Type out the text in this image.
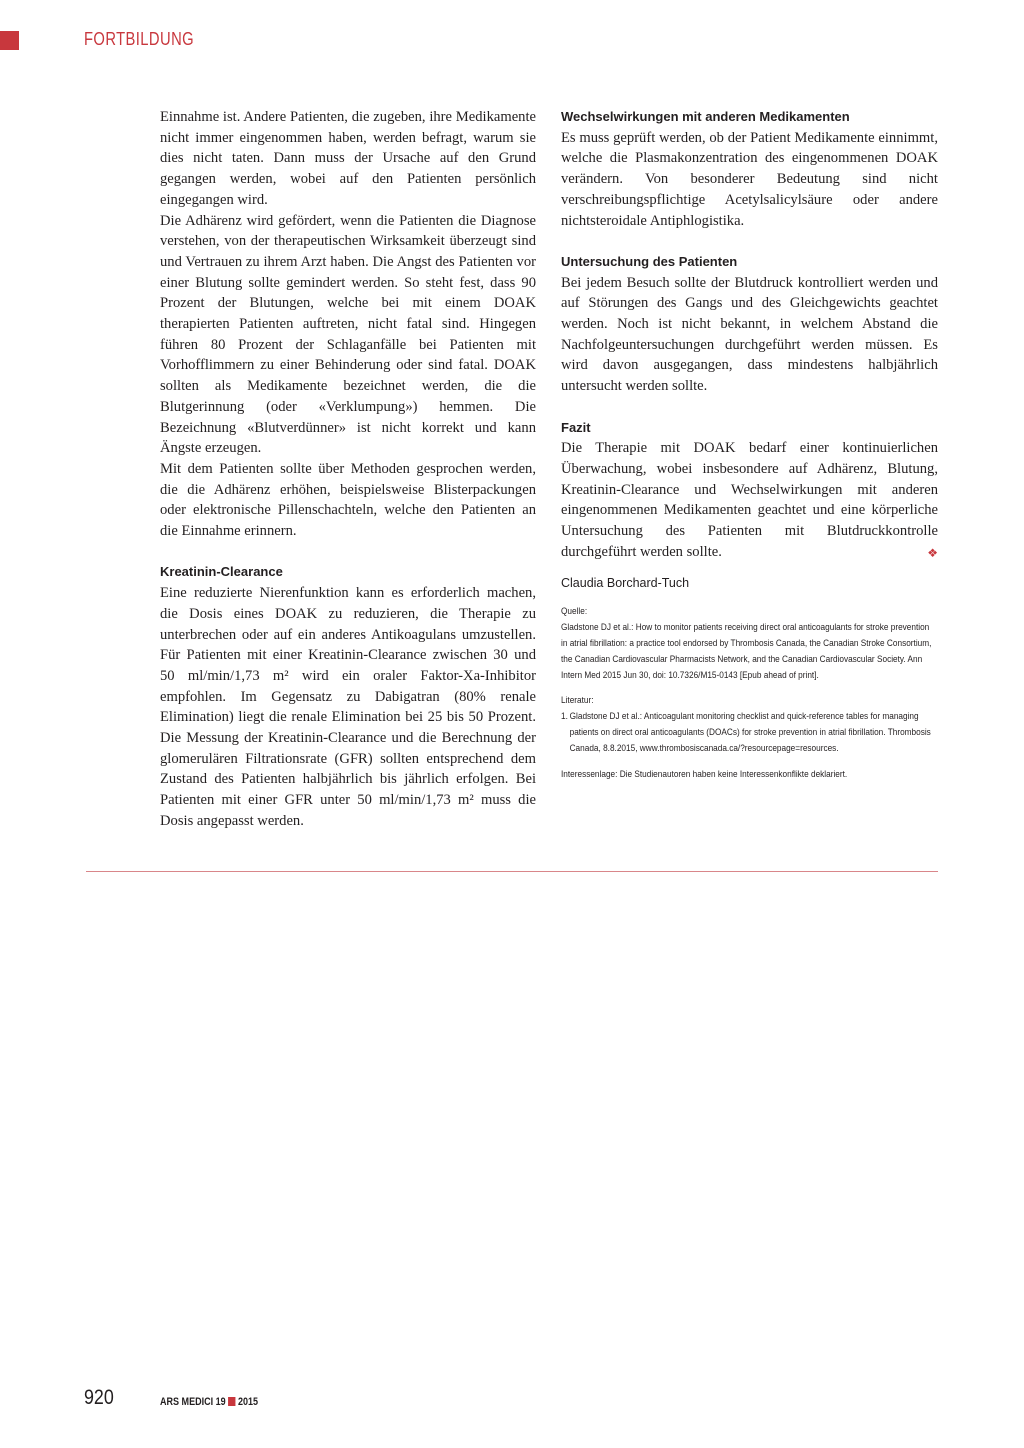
FORTBILDUNG

Einnahme ist. Andere Patienten, die zugeben, ihre Medikamente nicht immer eingenommen haben, werden befragt, warum sie dies nicht taten. Dann muss der Ursache auf den Grund gegangen werden, wobei auf den Patienten persönlich eingegangen wird.

Die Adhärenz wird gefördert, wenn die Patienten die Diagnose verstehen, von der therapeutischen Wirksamkeit überzeugt sind und Vertrauen zu ihrem Arzt haben. Die Angst des Patienten vor einer Blutung sollte gemindert werden. So steht fest, dass 90 Prozent der Blutungen, welche bei mit einem DOAK therapierten Patienten auftreten, nicht fatal sind. Hingegen führen 80 Prozent der Schlaganfälle bei Patienten mit Vorhofflimmern zu einer Behinderung oder sind fatal. DOAK sollten als Medikamente bezeichnet werden, die die Blutgerinnung (oder «Verklumpung») hemmen. Die Bezeichnung «Blutverdünner» ist nicht korrekt und kann Ängste erzeugen.

Mit dem Patienten sollte über Methoden gesprochen werden, die die Adhärenz erhöhen, beispielsweise Blisterpackungen oder elektronische Pillenschachteln, welche den Patienten an die Einnahme erinnern.

Kreatinin-Clearance

Eine reduzierte Nierenfunktion kann es erforderlich machen, die Dosis eines DOAK zu reduzieren, die Therapie zu unterbrechen oder auf ein anderes Antikoagulans umzustellen. Für Patienten mit einer Kreatinin-Clearance zwischen 30 und 50 ml/min/1,73 m² wird ein oraler Faktor-Xa-Inhibitor empfohlen. Im Gegensatz zu Dabigatran (80% renale Elimination) liegt die renale Elimination bei 25 bis 50 Prozent. Die Messung der Kreatinin-Clearance und die Berechnung der glomerulären Filtrationsrate (GFR) sollten entsprechend dem Zustand des Patienten halbjährlich bis jährlich erfolgen. Bei Patienten mit einer GFR unter 50 ml/min/1,73 m² muss die Dosis angepasst werden.

Wechselwirkungen mit anderen Medikamenten

Es muss geprüft werden, ob der Patient Medikamente einnimmt, welche die Plasmakonzentration des eingenommenen DOAK verändern. Von besonderer Bedeutung sind nicht verschreibungspflichtige Acetylsalicylsäure oder andere nichtsteroidale Antiphlogistika.

Untersuchung des Patienten

Bei jedem Besuch sollte der Blutdruck kontrolliert werden und auf Störungen des Gangs und des Gleichgewichts geachtet werden. Noch ist nicht bekannt, in welchem Abstand die Nachfolgeuntersuchungen durchgeführt werden müssen. Es wird davon ausgegangen, dass mindestens halbjährlich untersucht werden sollte.

Fazit

Die Therapie mit DOAK bedarf einer kontinuierlichen Überwachung, wobei insbesondere auf Adhärenz, Blutung, Kreatinin-Clearance und Wechselwirkungen mit anderen eingenommenen Medikamenten geachtet und eine körperliche Untersuchung des Patienten mit Blutdruckkontrolle durchgeführt werden sollte.	❖

Claudia Borchard-Tuch

Quelle:

Gladstone DJ et al.: How to monitor patients receiving direct oral anticoagulants for stroke prevention in atrial fibrillation: a practice tool endorsed by Thrombosis Canada, the Canadian Stroke Consortium, the Canadian Cardiovascular Pharmacists Network, and the Canadian Cardiovascular Society. Ann Intern Med 2015 Jun 30, doi: 10.7326/M15-0143 [Epub ahead of print].

Literatur:

1. Gladstone DJ et al.: Anticoagulant monitoring checklist and quick-reference tables for managing patients on direct oral anticoagulants (DOACs) for stroke prevention in atrial fibrillation. Thrombosis Canada, 8.8.2015, www.thrombosiscanada.ca/?resourcepage=resources.

Interessenlage: Die Studienautoren haben keine Interessenkonflikte deklariert.

920	ARS MEDICI 19 2015
